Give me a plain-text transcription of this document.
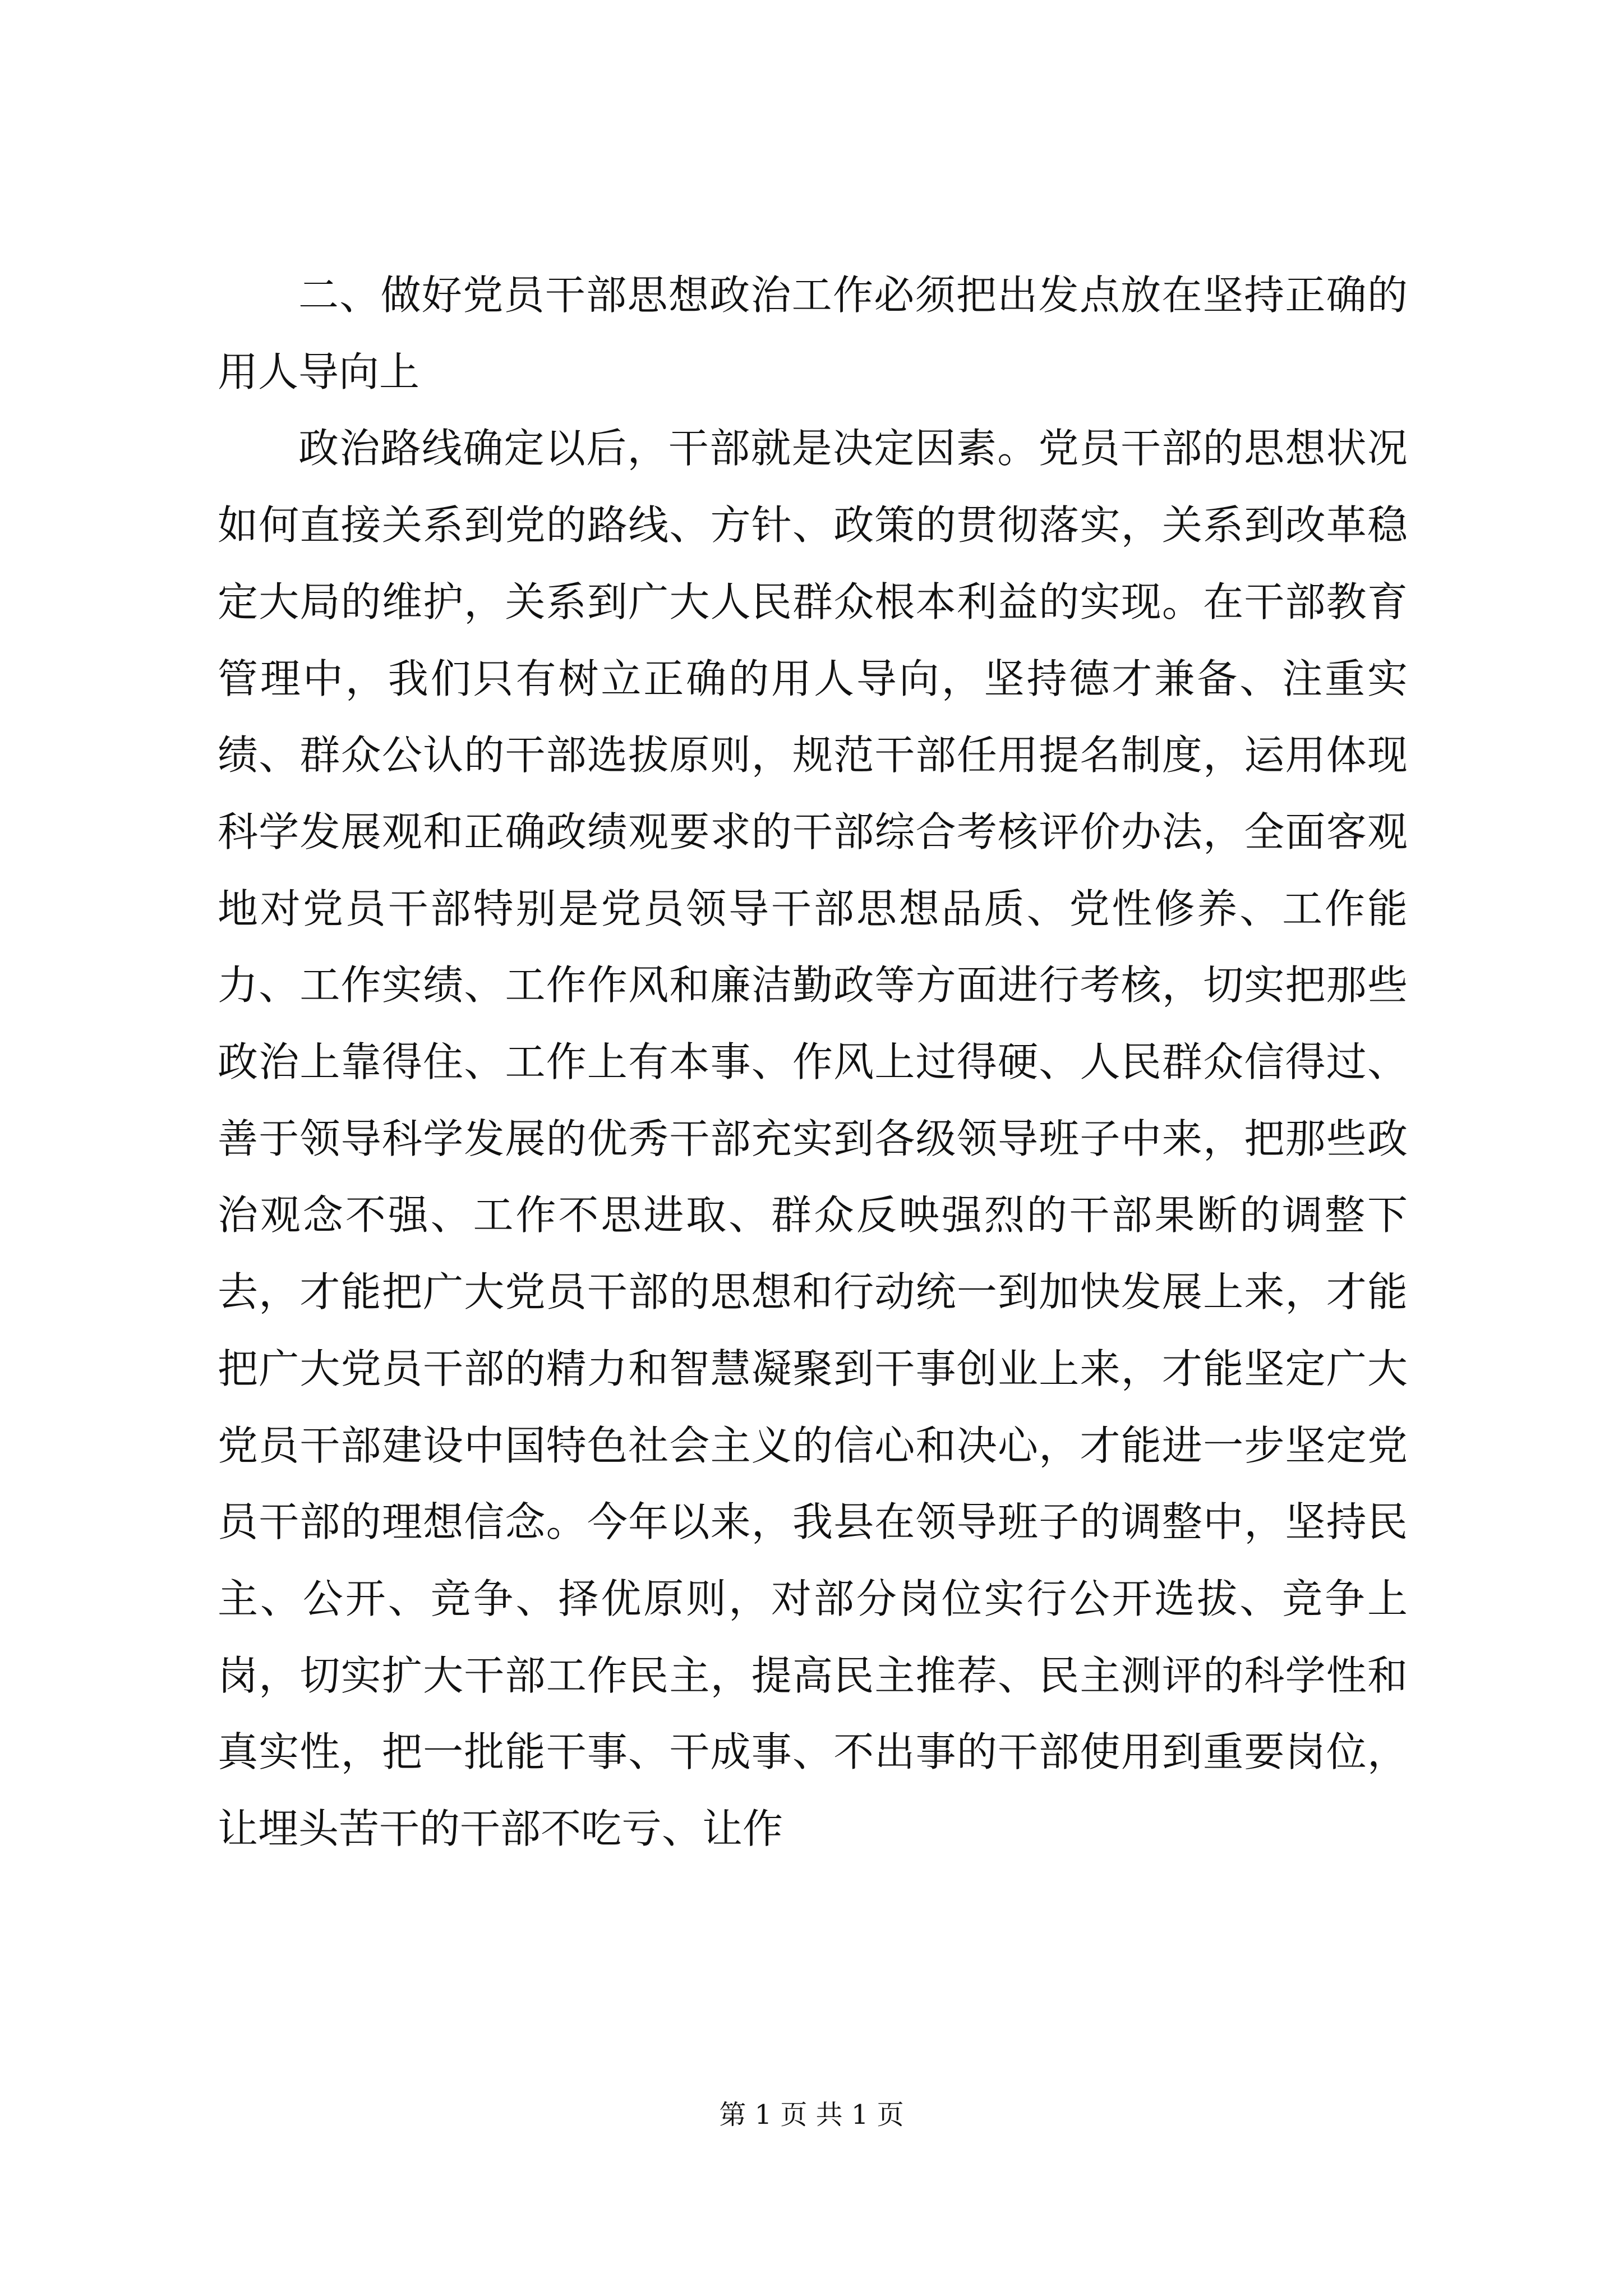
二、做好党员干部思想政治工作必须把出发点放在坚持正确的用人导向上

政治路线确定以后，干部就是决定因素。党员干部的思想状况如何直接关系到党的路线、方针、政策的贯彻落实，关系到改革稳定大局的维护，关系到广大人民群众根本利益的实现。在干部教育管理中，我们只有树立正确的用人导向，坚持德才兼备、注重实绩、群众公认的干部选拔原则，规范干部任用提名制度，运用体现科学发展观和正确政绩观要求的干部综合考核评价办法，全面客观地对党员干部特别是党员领导干部思想品质、党性修养、工作能力、工作实绩、工作作风和廉洁勤政等方面进行考核，切实把那些政治上靠得住、工作上有本事、作风上过得硬、人民群众信得过、善于领导科学发展的优秀干部充实到各级领导班子中来，把那些政治观念不强、工作不思进取、群众反映强烈的干部果断的调整下去，才能把广大党员干部的思想和行动统一到加快发展上来，才能把广大党员干部的精力和智慧凝聚到干事创业上来，才能坚定广大党员干部建设中国特色社会主义的信心和决心，才能进一步坚定党员干部的理想信念。今年以来，我县在领导班子的调整中，坚持民主、公开、竞争、择优原则，对部分岗位实行公开选拔、竞争上岗，切实扩大干部工作民主，提高民主推荐、民主测评的科学性和真实性，把一批能干事、干成事、不出事的干部使用到重要岗位，让埋头苦干的干部不吃亏、让作

第 1 页 共 1 页
